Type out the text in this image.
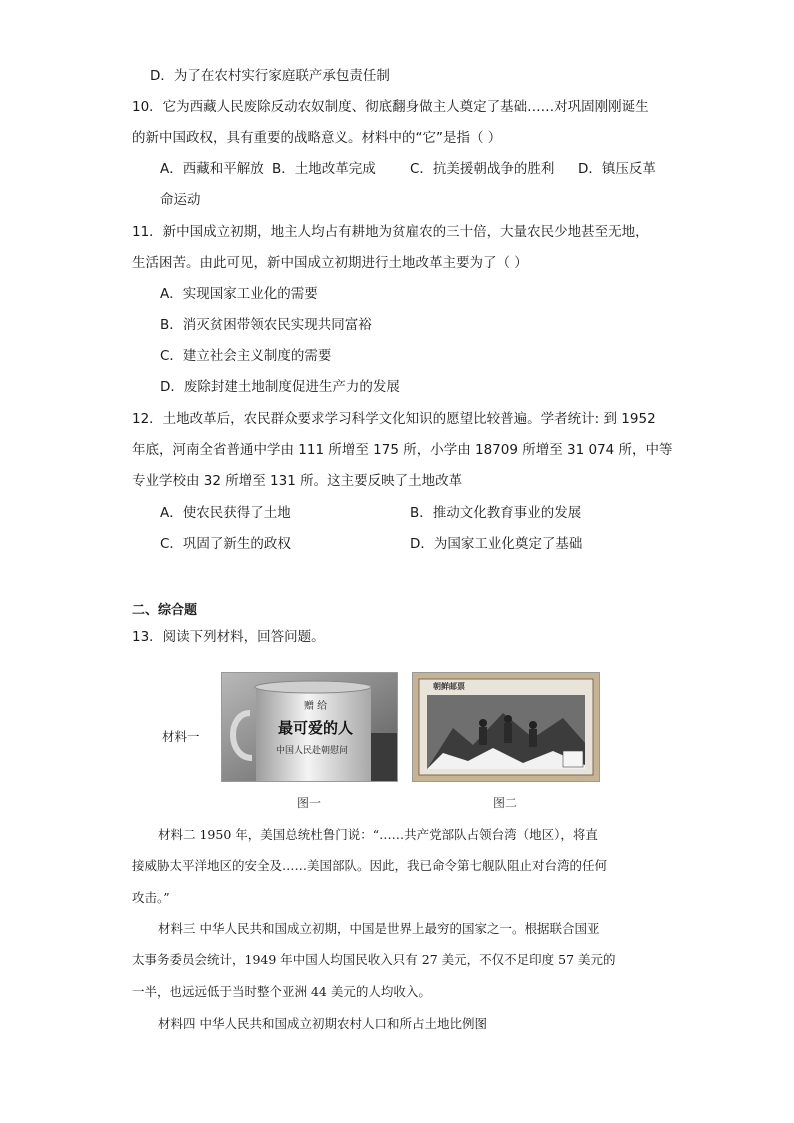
D．为了在农村实行家庭联产承包责任制
10．它为西藏人民废除反动农奴制度、彻底翻身做主人奠定了基础……对巩固刚刚诞生
的新中国政权，具有重要的战略意义。材料中的“它”是指（ ）
A．西藏和平解放 B．土地改革完成	C．抗美援朝战争的胜利 D．镇压反革
命运动
11．新中国成立初期，地主人均占有耕地为贫雇农的三十倍，大量农民少地甚至无地，
生活困苦。由此可见，新中国成立初期进行土地改革主要为了（ ）
A．实现国家工业化的需要
B．消灭贫困带领农民实现共同富裕
C．建立社会主义制度的需要
D．废除封建土地制度促进生产力的发展
12．土地改革后，农民群众要求学习科学文化知识的愿望比较普遍。学者统计: 到 1952
年底，河南全省普通中学由 111 所增至 175 所，小学由 18709 所增至 31 074 所，中等
专业学校由 32 所增至 131 所。这主要反映了土地改革
A．使农民获得了土地	B．推动文化教育事业的发展
C．巩固了新生的政权	D．为国家工业化奠定了基础
二、综合题
13．阅读下列材料，回答问题。
材料一
赠 给
最可爱的人
中国人民赴朝慰问
图一
朝鲜邮票
图二
材料二 1950 年，美国总统杜鲁门说：“……共产党部队占领台湾（地区），将直
接威胁太平洋地区的安全及……美国部队。因此，我已命令第七舰队阻止对台湾的任何
攻击。”
材料三 中华人民共和国成立初期，中国是世界上最穷的国家之一。根据联合国亚
太事务委员会统计，1949 年中国人均国民收入只有 27 美元，不仅不足印度 57 美元的
一半，也远远低于当时整个亚洲 44 美元的人均收入。
材料四 中华人民共和国成立初期农村人口和所占土地比例图
